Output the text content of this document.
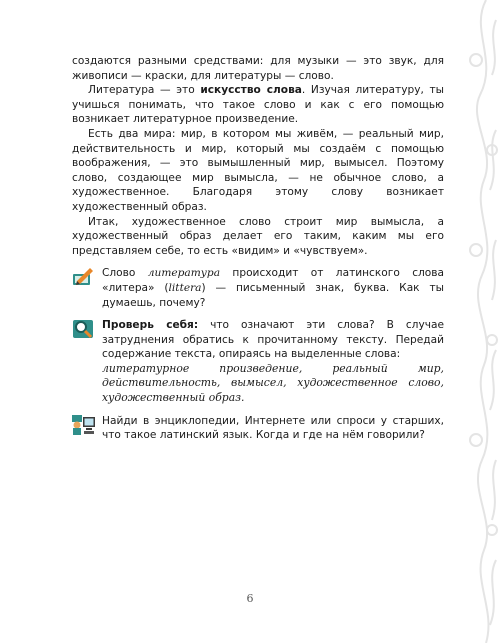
создаются разными средствами: для музыки — это звук, для живописи — краски, для литературы — слово.

Литература — это искусство слова. Изучая литературу, ты учишься понимать, что такое слово и как с его помощью возникает литературное произведение.

Есть два мира: мир, в котором мы живём, — реальный мир, действительность и мир, который мы создаём с помощью воображения, — это вымышленный мир, вымысел. Поэтому слово, создающее мир вымысла, — не обычное слово, а художественное. Благодаря этому слову возникает художественный образ.

Итак, художественное слово строит мир вымысла, а художественный образ делает его таким, каким мы его представляем себе, то есть «видим» и «чувствуем».

Слово литература происходит от латинского слова «литера» (littera) — письменный знак, буква. Как ты думаешь, почему?

Проверь себя: что означают эти слова? В случае затруднения обратись к прочитанному тексту. Передай содержание текста, опираясь на выделенные слова:

литературное произведение, реальный мир, действительность, вымысел, художественное слово, художественный образ.

Найди в энциклопедии, Интернете или спроси у старших, что такое латинский язык. Когда и где на нём говорили?

6
